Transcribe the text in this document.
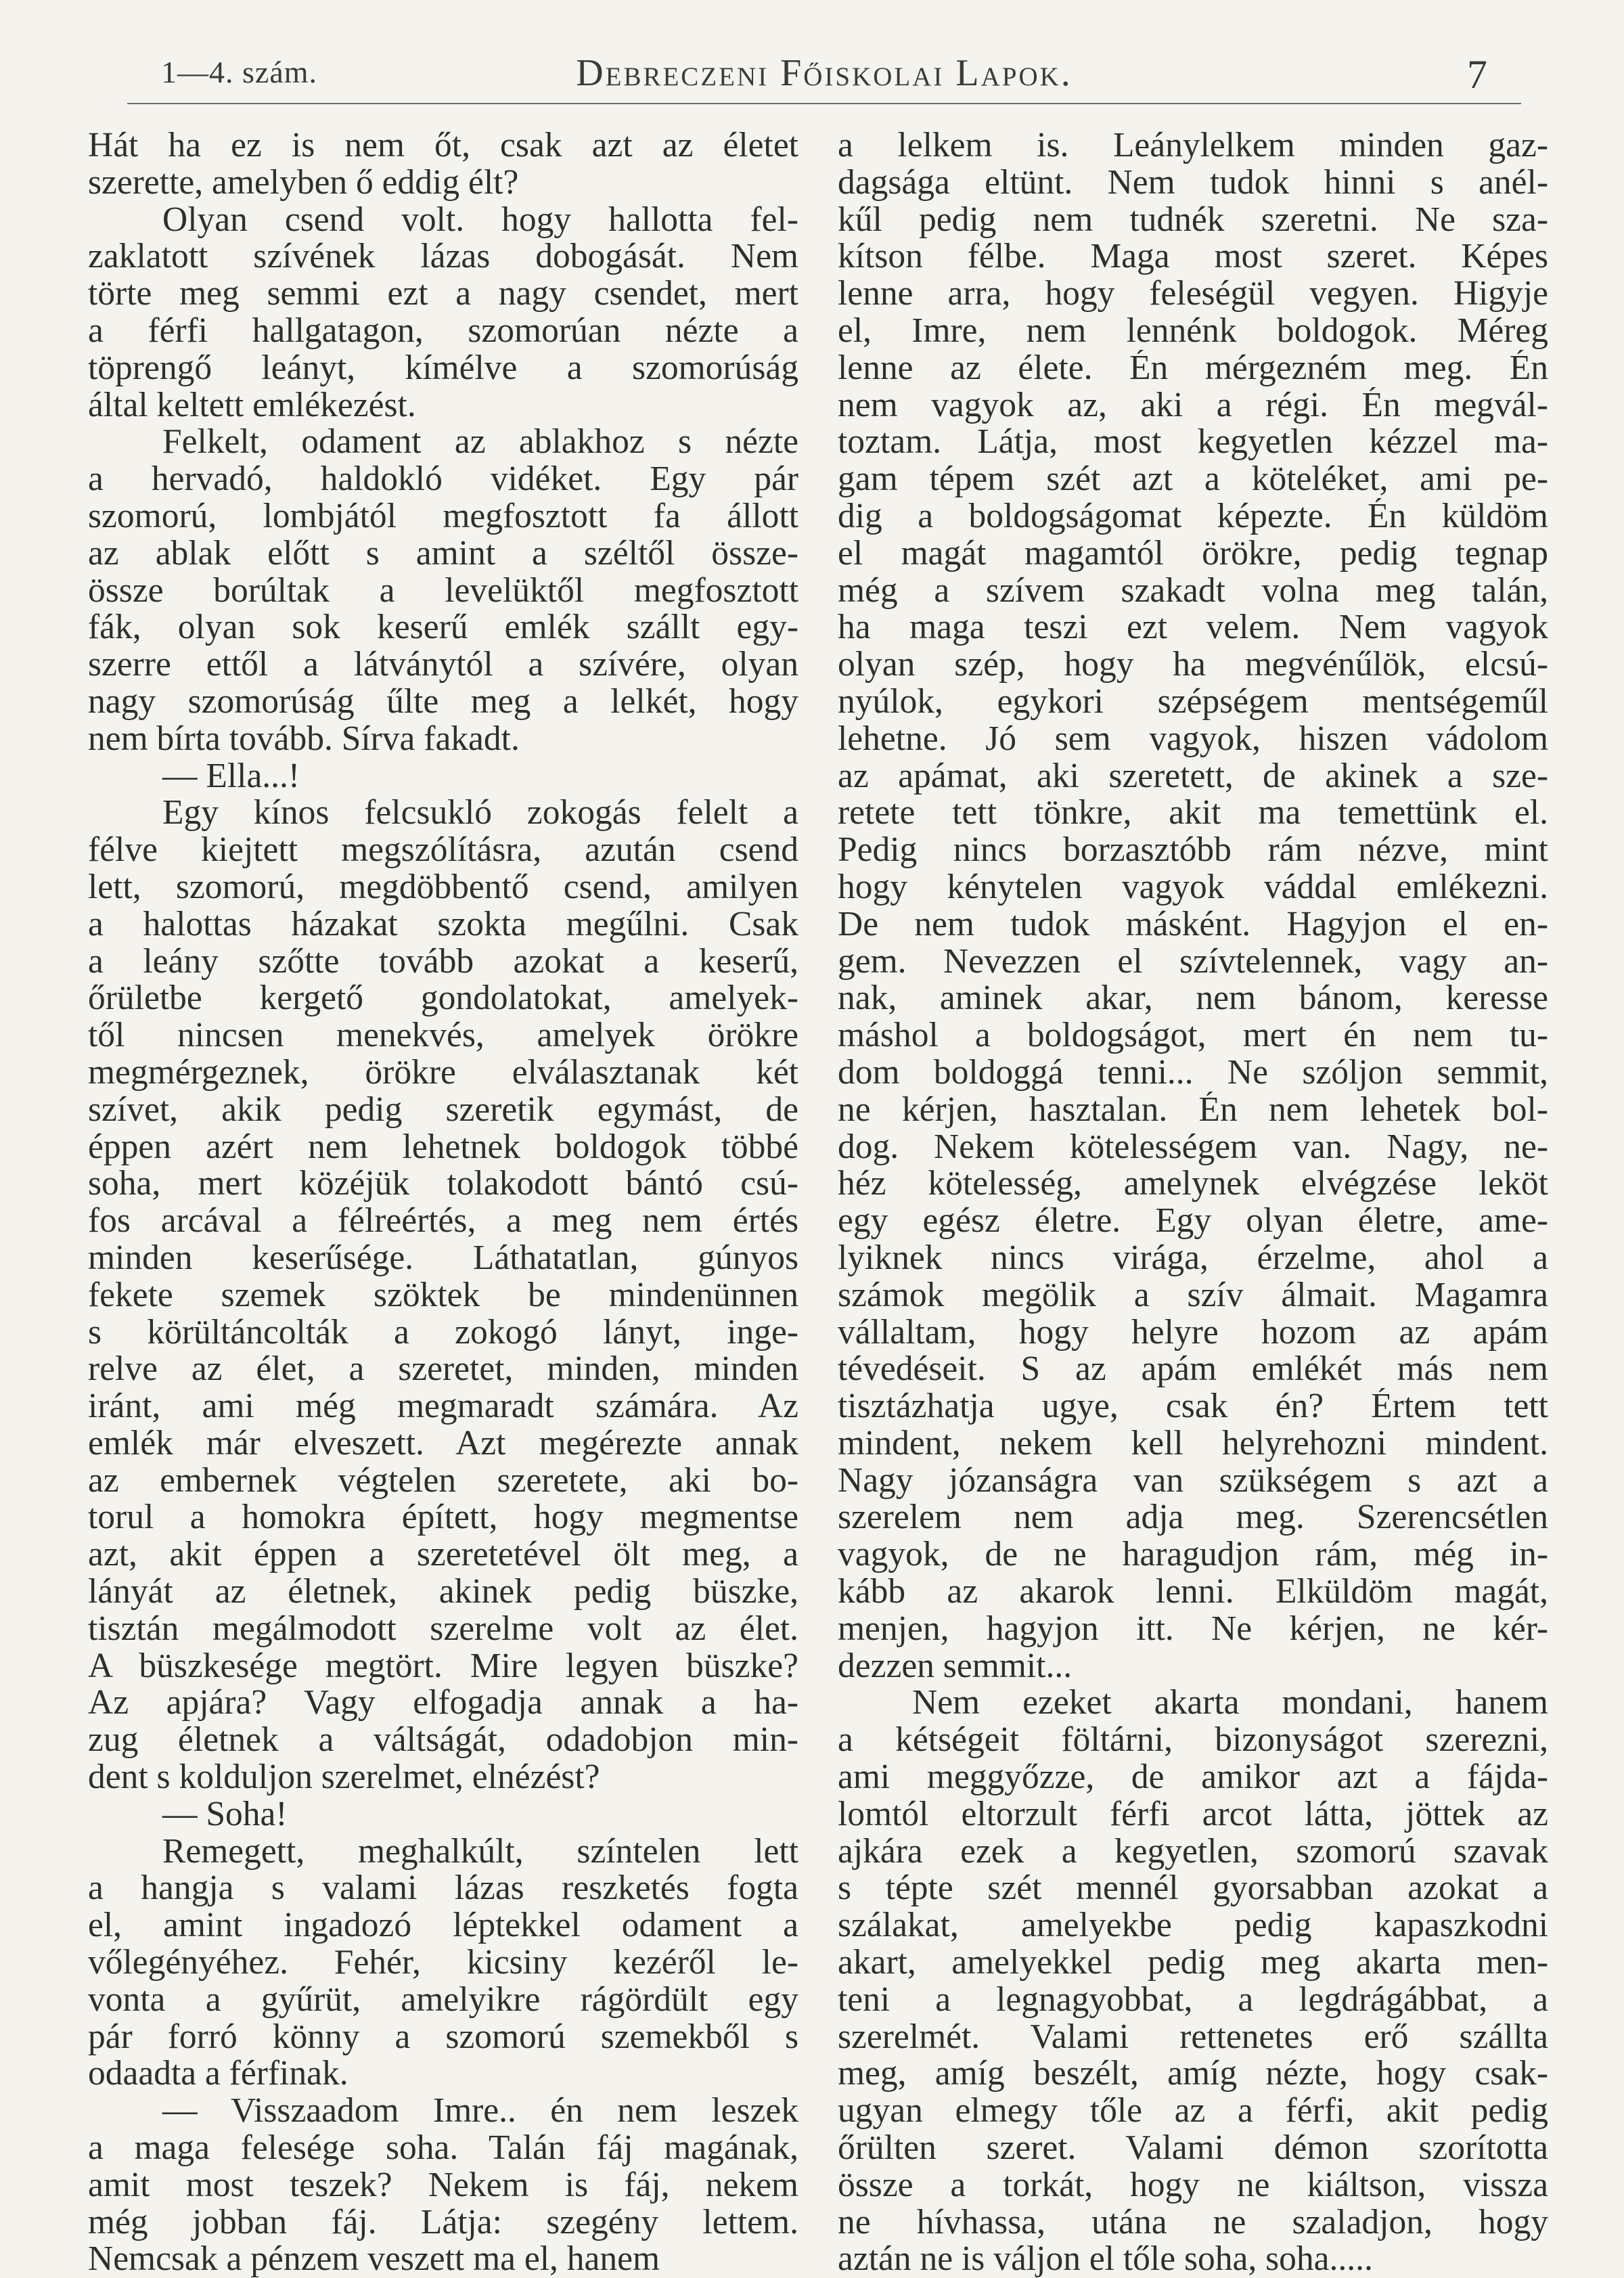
1—4. szám.	Debreczeni Főiskolai Lapok.	7
Hát ha ez is nem őt, csak azt az életet
szerette, amelyben ő eddig élt?
Olyan csend volt. hogy hallotta fel-
zaklatott szívének lázas dobogását. Nem
törte meg semmi ezt a nagy csendet, mert
a férfi hallgatagon, szomorúan nézte a
töprengő leányt, kímélve a szomorúság
által keltett emlékezést.
Felkelt, odament az ablakhoz s nézte
a hervadó, haldokló vidéket. Egy pár
szomorú, lombjától megfosztott fa állott
az ablak előtt s amint a széltől össze-
össze borúltak a levelüktől megfosztott
fák, olyan sok keserű emlék szállt egy-
szerre ettől a látványtól a szívére, olyan
nagy szomorúság űlte meg a lelkét, hogy
nem bírta tovább. Sírva fakadt.
— Ella...!
Egy kínos felcsukló zokogás felelt a
félve kiejtett megszólításra, azután csend
lett, szomorú, megdöbbentő csend, amilyen
a halottas házakat szokta megűlni. Csak
a leány szőtte tovább azokat a keserű,
őrületbe kergető gondolatokat, amelyek-
től nincsen menekvés, amelyek örökre
megmérgeznek, örökre elválasztanak két
szívet, akik pedig szeretik egymást, de
éppen azért nem lehetnek boldogok többé
soha, mert közéjük tolakodott bántó csú-
fos arcával a félreértés, a meg nem értés
minden keserűsége. Láthatatlan, gúnyos
fekete szemek szöktek be mindenünnen
s körültáncolták a zokogó lányt, inge-
relve az élet, a szeretet, minden, minden
iránt, ami még megmaradt számára. Az
emlék már elveszett. Azt megérezte annak
az embernek végtelen szeretete, aki bo-
torul a homokra épített, hogy megmentse
azt, akit éppen a szeretetével ölt meg, a
lányát az életnek, akinek pedig büszke,
tisztán megálmodott szerelme volt az élet.
A büszkesége megtört. Mire legyen büszke?
Az apjára? Vagy elfogadja annak a ha-
zug életnek a váltságát, odadobjon min-
dent s kolduljon szerelmet, elnézést?
— Soha!
Remegett, meghalkúlt, színtelen lett
a hangja s valami lázas reszketés fogta
el, amint ingadozó léptekkel odament a
vőlegényéhez. Fehér, kicsiny kezéről le-
vonta a gyűrüt, amelyikre rágördült egy
pár forró könny a szomorú szemekből s
odaadta a férfinak.
— Visszaadom Imre.. én nem leszek
a maga felesége soha. Talán fáj magának,
amit most teszek? Nekem is fáj, nekem
még jobban fáj. Látja: szegény lettem.
Nemcsak a pénzem veszett ma el, hanem
a lelkem is. Leánylelkem minden gaz-
dagsága eltünt. Nem tudok hinni s anél-
kűl pedig nem tudnék szeretni. Ne sza-
kítson félbe. Maga most szeret. Képes
lenne arra, hogy feleségül vegyen. Higyje
el, Imre, nem lennénk boldogok. Méreg
lenne az élete. Én mérgezném meg. Én
nem vagyok az, aki a régi. Én megvál-
toztam. Látja, most kegyetlen kézzel ma-
gam tépem szét azt a köteléket, ami pe-
dig a boldogságomat képezte. Én küldöm
el magát magamtól örökre, pedig tegnap
még a szívem szakadt volna meg talán,
ha maga teszi ezt velem. Nem vagyok
olyan szép, hogy ha megvénűlök, elcsú-
nyúlok, egykori szépségem mentségeműl
lehetne. Jó sem vagyok, hiszen vádolom
az apámat, aki szeretett, de akinek a sze-
retete tett tönkre, akit ma temettünk el.
Pedig nincs borzasztóbb rám nézve, mint
hogy kénytelen vagyok váddal emlékezni.
De nem tudok másként. Hagyjon el en-
gem. Nevezzen el szívtelennek, vagy an-
nak, aminek akar, nem bánom, keresse
máshol a boldogságot, mert én nem tu-
dom boldoggá tenni... Ne szóljon semmit,
ne kérjen, hasztalan. Én nem lehetek bol-
dog. Nekem kötelességem van. Nagy, ne-
héz kötelesség, amelynek elvégzése leköt
egy egész életre. Egy olyan életre, ame-
lyiknek nincs virága, érzelme, ahol a
számok megölik a szív álmait. Magamra
vállaltam, hogy helyre hozom az apám
tévedéseit. S az apám emlékét más nem
tisztázhatja ugye, csak én? Értem tett
mindent, nekem kell helyrehozni mindent.
Nagy józanságra van szükségem s azt a
szerelem nem adja meg. Szerencsétlen
vagyok, de ne haragudjon rám, még in-
kább az akarok lenni. Elküldöm magát,
menjen, hagyjon itt. Ne kérjen, ne kér-
dezzen semmit...
Nem ezeket akarta mondani, hanem
a kétségeit föltárni, bizonyságot szerezni,
ami meggyőzze, de amikor azt a fájda-
lomtól eltorzult férfi arcot látta, jöttek az
ajkára ezek a kegyetlen, szomorú szavak
s tépte szét mennél gyorsabban azokat a
szálakat, amelyekbe pedig kapaszkodni
akart, amelyekkel pedig meg akarta men-
teni a legnagyobbat, a legdrágábbat, a
szerelmét. Valami rettenetes erő szállta
meg, amíg beszélt, amíg nézte, hogy csak-
ugyan elmegy tőle az a férfi, akit pedig
őrülten szeret. Valami démon szorította
össze a torkát, hogy ne kiáltson, vissza
ne hívhassa, utána ne szaladjon, hogy
aztán ne is váljon el tőle soha, soha.....
